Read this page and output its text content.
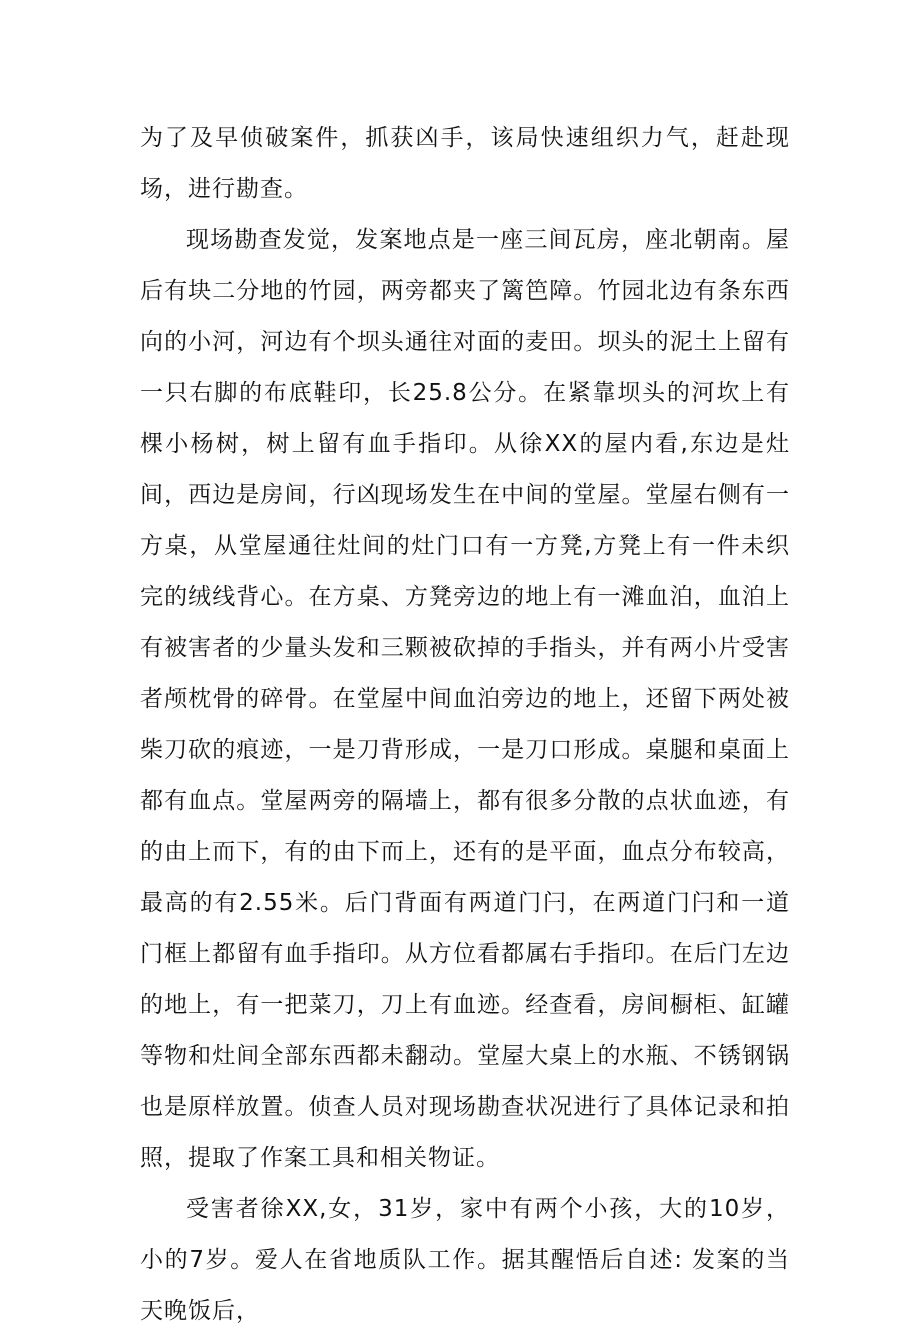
为了及早侦破案件，抓获凶手，该局快速组织力气，赶赴现场，进行勘查。

现场勘查发觉，发案地点是一座三间瓦房，座北朝南。屋后有块二分地的竹园，两旁都夹了篱笆障。竹园北边有条东西向的小河，河边有个坝头通往对面的麦田。坝头的泥土上留有一只右脚的布底鞋印，长25.8公分。在紧靠坝头的河坎上有棵小杨树，树上留有血手指印。从徐XX的屋内看,东边是灶间，西边是房间，行凶现场发生在中间的堂屋。堂屋右侧有一方桌，从堂屋通往灶间的灶门口有一方凳,方凳上有一件未织完的绒线背心。在方桌、方凳旁边的地上有一滩血泊，血泊上有被害者的少量头发和三颗被砍掉的手指头，并有两小片受害者颅枕骨的碎骨。在堂屋中间血泊旁边的地上，还留下两处被柴刀砍的痕迹，一是刀背形成，一是刀口形成。桌腿和桌面上都有血点。堂屋两旁的隔墙上，都有很多分散的点状血迹，有的由上而下，有的由下而上，还有的是平面，血点分布较高，最高的有2.55米。后门背面有两道门闩，在两道门闩和一道门框上都留有血手指印。从方位看都属右手指印。在后门左边的地上，有一把菜刀，刀上有血迹。经查看，房间橱柜、缸罐等物和灶间全部东西都未翻动。堂屋大桌上的水瓶、不锈钢锅也是原样放置。侦查人员对现场勘查状况进行了具体记录和拍照，提取了作案工具和相关物证。

受害者徐XX,女，31岁，家中有两个小孩，大的10岁，小的7岁。爱人在省地质队工作。据其醒悟后自述: 发案的当天晚饭后，
